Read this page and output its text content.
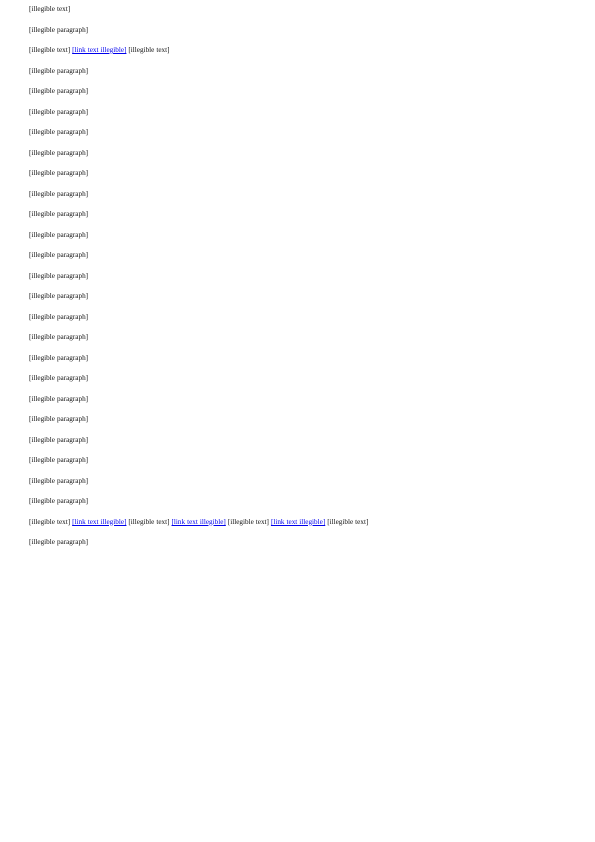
[illegible text]

[illegible paragraph]

[illegible text] [link text illegible] [illegible text]

[illegible paragraph]

[illegible paragraph]

[illegible paragraph]

[illegible paragraph]

[illegible paragraph]

[illegible paragraph]

[illegible paragraph]

[illegible paragraph]

[illegible paragraph]

[illegible paragraph]

[illegible paragraph]

[illegible paragraph]

[illegible paragraph]

[illegible paragraph]

[illegible paragraph]

[illegible paragraph]

[illegible paragraph]

[illegible paragraph]

[illegible paragraph]

[illegible paragraph]

[illegible paragraph]

[illegible paragraph]

[illegible text] [link text illegible] [illegible text] [link text illegible] [illegible text] [link text illegible] [illegible text]

[illegible paragraph]
